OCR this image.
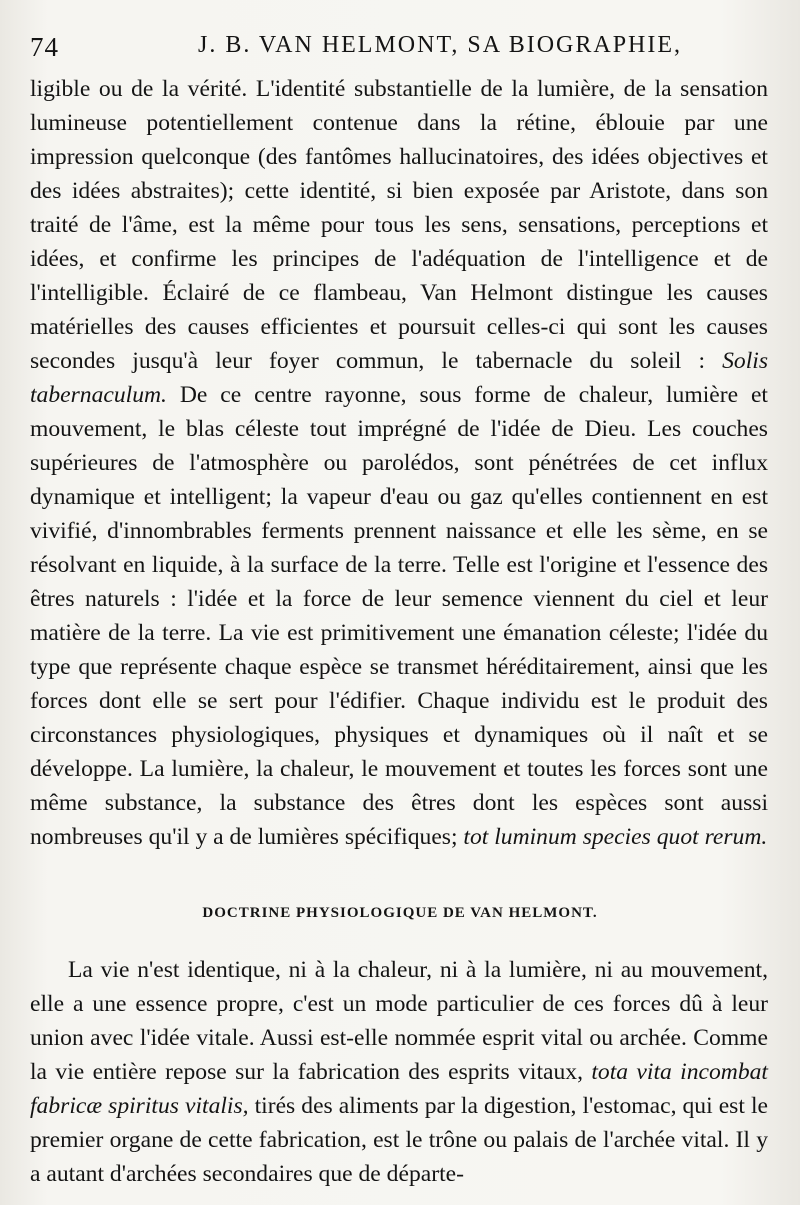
74	J. B. VAN HELMONT, SA BIOGRAPHIE,

ligible ou de la vérité. L'identité substantielle de la lumière, de la sensation lumineuse potentiellement contenue dans la rétine, éblouie par une impression quelconque (des fantômes hallucinatoires, des idées objectives et des idées abstraites); cette identité, si bien exposée par Aristote, dans son traité de l'âme, est la même pour tous les sens, sensations, perceptions et idées, et confirme les principes de l'adéquation de l'intelligence et de l'intelligible. Éclairé de ce flambeau, Van Helmont distingue les causes matérielles des causes efficientes et poursuit celles-ci qui sont les causes secondes jusqu'à leur foyer commun, le tabernacle du soleil : Solis tabernaculum. De ce centre rayonne, sous forme de chaleur, lumière et mouvement, le blas céleste tout imprégné de l'idée de Dieu. Les couches supérieures de l'atmosphère ou parolédos, sont pénétrées de cet influx dynamique et intelligent; la vapeur d'eau ou gaz qu'elles contiennent en est vivifié, d'innombrables ferments prennent naissance et elle les sème, en se résolvant en liquide, à la surface de la terre. Telle est l'origine et l'essence des êtres naturels : l'idée et la force de leur semence viennent du ciel et leur matière de la terre. La vie est primitivement une émanation céleste; l'idée du type que représente chaque espèce se transmet héréditairement, ainsi que les forces dont elle se sert pour l'édifier. Chaque individu est le produit des circonstances physiologiques, physiques et dynamiques où il naît et se développe. La lumière, la chaleur, le mouvement et toutes les forces sont une même substance, la substance des êtres dont les espèces sont aussi nombreuses qu'il y a de lumières spécifiques; tot luminum species quot rerum.

DOCTRINE PHYSIOLOGIQUE DE VAN HELMONT.

La vie n'est identique, ni à la chaleur, ni à la lumière, ni au mouvement, elle a une essence propre, c'est un mode particulier de ces forces dû à leur union avec l'idée vitale. Aussi est-elle nommée esprit vital ou archée. Comme la vie entière repose sur la fabrication des esprits vitaux, tota vita incombat fabricæ spiritus vitalis, tirés des aliments par la digestion, l'estomac, qui est le premier organe de cette fabrication, est le trône ou palais de l'archée vital. Il y a autant d'archées secondaires que de départe-
